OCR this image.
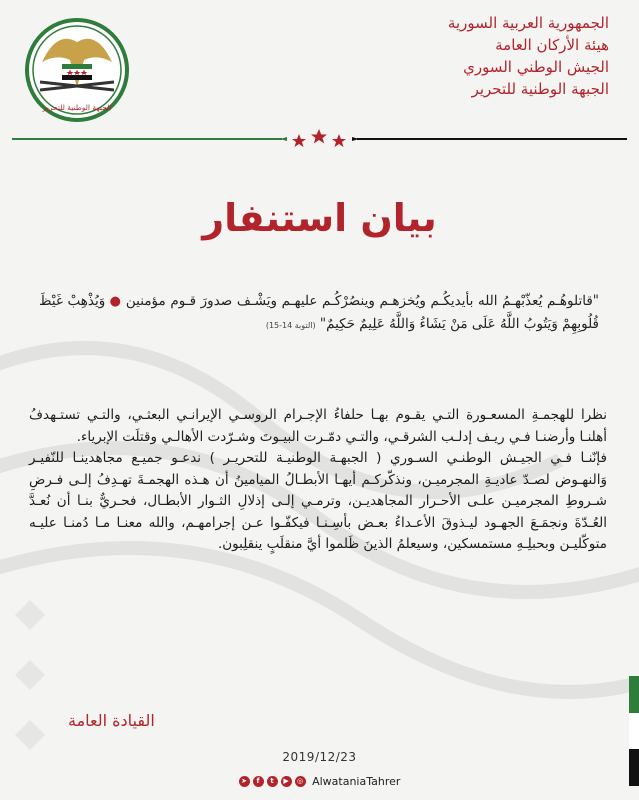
الجبهة الوطنية للتحرير
الجمهورية العربية السورية
هيئة الأركان العامة
الجيش الوطني السوري
الجبهة الوطنية للتحرير
بيان استنفار
"قاتلوهُـم يُعذّبْهـمُ الله بأيديكُـم ويُخزهـم وينصُرْكُـم عليهـم ويَشْـف صدورَ قـوم مؤمنين ● وَيُذْهِبْ غَيْظَ قُلُوبِهِمْ وَيَتُوبُ اللَّهُ عَلَى مَنْ يَشَاءُ وَاللَّهُ عَلِيمٌ حَكِيمٌ" (التوبة 14-15)

نظرا للهجمـةِ المسعـورة التـي يقـوم بهـا حلفاءُ الإجـرام الروسـي الإيرانـي البعثـي، والتـي تستـهدفُ أهلنـا وأرضنـا فـي ريـف إدلـب الشرقـي، والتـي دمّـرت البيـوتَ وشـرّدت الأهالـي وقتلَت الإبرياء.

فإنّنـا فـي الجيـش الوطنـي السـوري ( الجبهـة الوطنيـة للتحريـر ) ندعـو جميـع مجاهدينـا للنّفيـر وَالنهـوض لصـدّ عاديـةِ المجرميـن، ونذكّركـم أيهـا الأبطـالُ الميامينُ أن هـذه الهجمـةَ تهـدِفُ إلـى فـرضِ شـروطِ المجرميـن علـى الأحـرار المجاهديـن، وترمـي إلـى إذلالِ الثـوار الأبطـال، فحـريٌّ بنـا أن نُعـدَّ العُـدّةَ ونجمَـعَ الجهـود ليـذوقَ الأعـداءُ بعـض بأسِـنـا فيكفّـوا عـن إجرامهـم، والله معنـا مـا دُمنـا عليـه متوكّليـن وبحبلِـهِ مستمسكين، وسيعلمُ الذينَ ظَلموا أيَّ منقلَبٍ ينقلِبون.

القيادة العامة
2019/12/23
➤	f	t	▶	◎ AlwataniaTahrer
